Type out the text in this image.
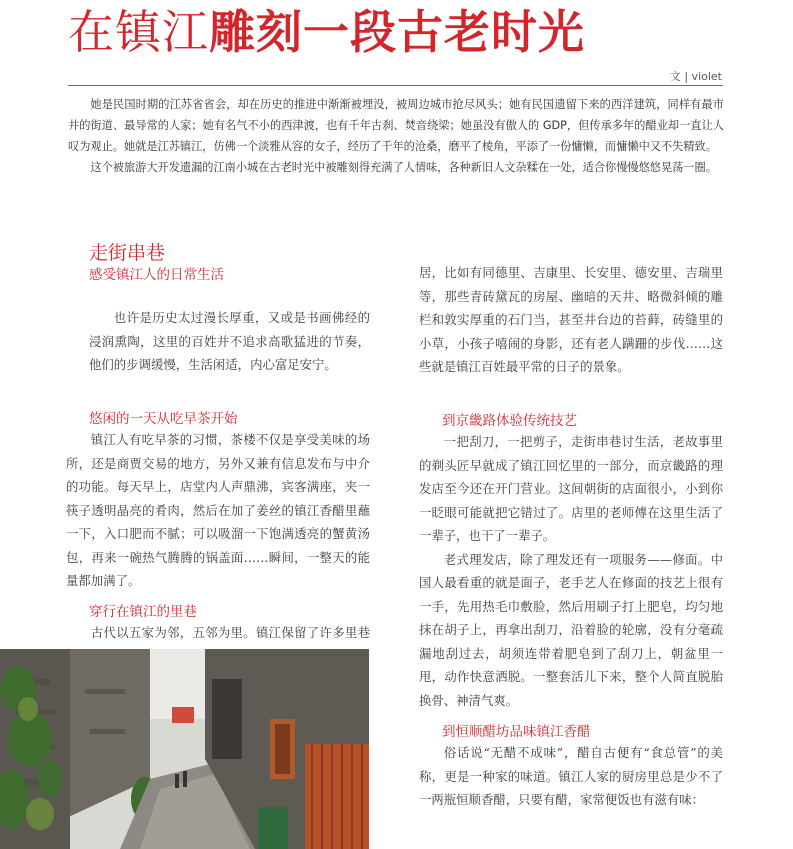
在镇江雕刻一段古老时光
文 | violet

她是民国时期的江苏省省会，却在历史的推进中渐渐被埋没，被周边城市抢尽风头；她有民国遗留下来的西洋建筑，同样有最市井的街道、最导常的人家；她有名气不小的西津渡，也有千年古刹、焚音绕梁；她虽没有傲人的 GDP，但传承多年的醋业却一直让人叹为观止。她就是江苏镇江，仿佛一个淡雅从容的女子，经历了千年的沧桑，磨平了棱角，平添了一份慵懒，而慵懒中又不失精致。

这个被旅游大开发遗漏的江南小城在古老时光中被雕刻得充满了人情味，各种新旧人文杂糅在一处，适合你慢慢悠悠晃荡一圈。

走街串巷
感受镇江人的日常生活

也许是历史太过漫长厚重，又或是书画佛经的浸润熏陶，这里的百姓并不追求高歌猛进的节奏，他们的步调缓慢，生活闲适，内心富足安宁。

悠闲的一天从吃早茶开始

镇江人有吃早茶的习惯，茶楼不仅是享受美味的场所，还是商贾交易的地方，另外又兼有信息发布与中介的功能。每天早上，店堂内人声鼎沸，宾客满座，夹一筷子透明晶亮的肴肉，然后在加了姜丝的镇江香醋里蘸一下，入口肥而不腻；可以吸溜一下饱满透亮的蟹黄汤包，再来一碗热气腾腾的锅盖面……瞬间，一整天的能量都加满了。

穿行在镇江的里巷

古代以五家为邻，五邻为里。镇江保留了许多里巷

居，比如有同德里、吉康里、长安里、德安里、吉瑞里等，那些青砖黛瓦的房屋、幽暗的天井、略微斜倾的雕栏和敦实厚重的石门当，甚至井台边的苔藓，砖缝里的小草，小孩子嘻闹的身影，还有老人蹒跚的步伐……这些就是镇江百姓最平常的日子的景象。

到京畿路体验传统技艺

一把刮刀，一把剪子，走街串巷讨生活，老故事里的剃头匠早就成了镇江回忆里的一部分，而京畿路的理发店至今还在开门营业。这间朝街的店面很小，小到你一眨眼可能就把它错过了。店里的老师傅在这里生活了一辈子，也干了一辈子。

老式理发店，除了理发还有一项服务——修面。中国人最看重的就是面子，老手艺人在修面的技艺上很有一手，先用热毛巾敷脸，然后用刷子打上肥皂，均匀地抹在胡子上，再拿出刮刀，沿着脸的轮廓，没有分毫疏漏地刮过去，胡须连带着肥皂到了刮刀上，朝盆里一甩，动作快意洒脱。一整套活儿下来，整个人简直脱胎换骨、神清气爽。

到恒顺醋坊品味镇江香醋

俗话说“无醋不成味”，醋自古便有“食总管”的美称，更是一种家的味道。镇江人家的厨房里总是少不了一两瓶恒顺香醋，只要有醋，家常便饭也有滋有味：
